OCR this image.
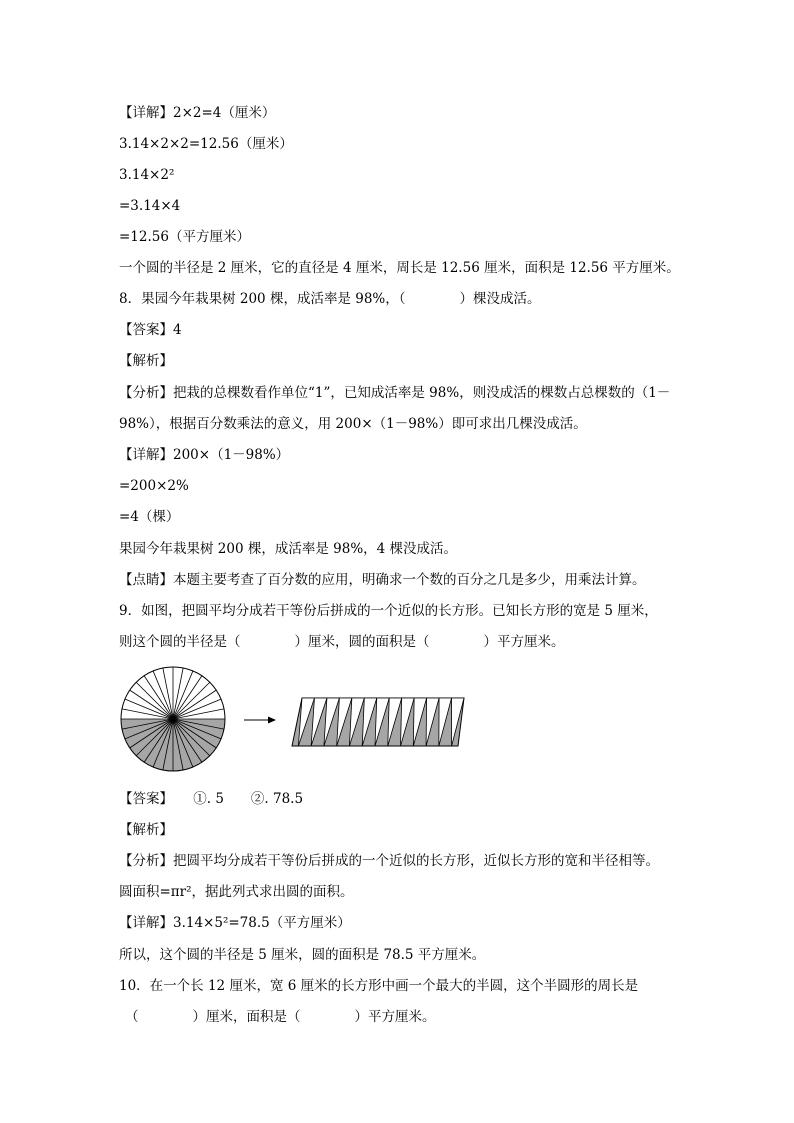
【详解】2×2=4（厘米）
3.14×2×2=12.56（厘米）
3.14×2²
=3.14×4
=12.56（平方厘米）
一个圆的半径是 2 厘米，它的直径是 4 厘米，周长是 12.56 厘米，面积是 12.56 平方厘米。
8．果园今年栽果树 200 棵，成活率是 98%，（　　　　）棵没成活。
【答案】4
【解析】
【分析】把栽的总棵数看作单位“1”，已知成活率是 98%，则没成活的棵数占总棵数的（1－
98%），根据百分数乘法的意义，用 200×（1－98%）即可求出几棵没成活。
【详解】200×（1－98%）
=200×2%
=4（棵）
果园今年栽果树 200 棵，成活率是 98%，4 棵没成活。
【点睛】本题主要考查了百分数的应用，明确求一个数的百分之几是多少，用乘法计算。
9．如图，把圆平均分成若干等份后拼成的一个近似的长方形。已知长方形的宽是 5 厘米，
则这个圆的半径是（　　　　）厘米，圆的面积是（　　　　）平方厘米。
【答案】　　①. 5　　②. 78.5
【解析】
【分析】把圆平均分成若干等份后拼成的一个近似的长方形，近似长方形的宽和半径相等。
圆面积=πr²，据此列式求出圆的面积。
【详解】3.14×5²=78.5（平方厘米）
所以，这个圆的半径是 5 厘米，圆的面积是 78.5 平方厘米。
10．在一个长 12 厘米，宽 6 厘米的长方形中画一个最大的半圆，这个半圆形的周长是
（　　　　）厘米，面积是（　　　　）平方厘米。
